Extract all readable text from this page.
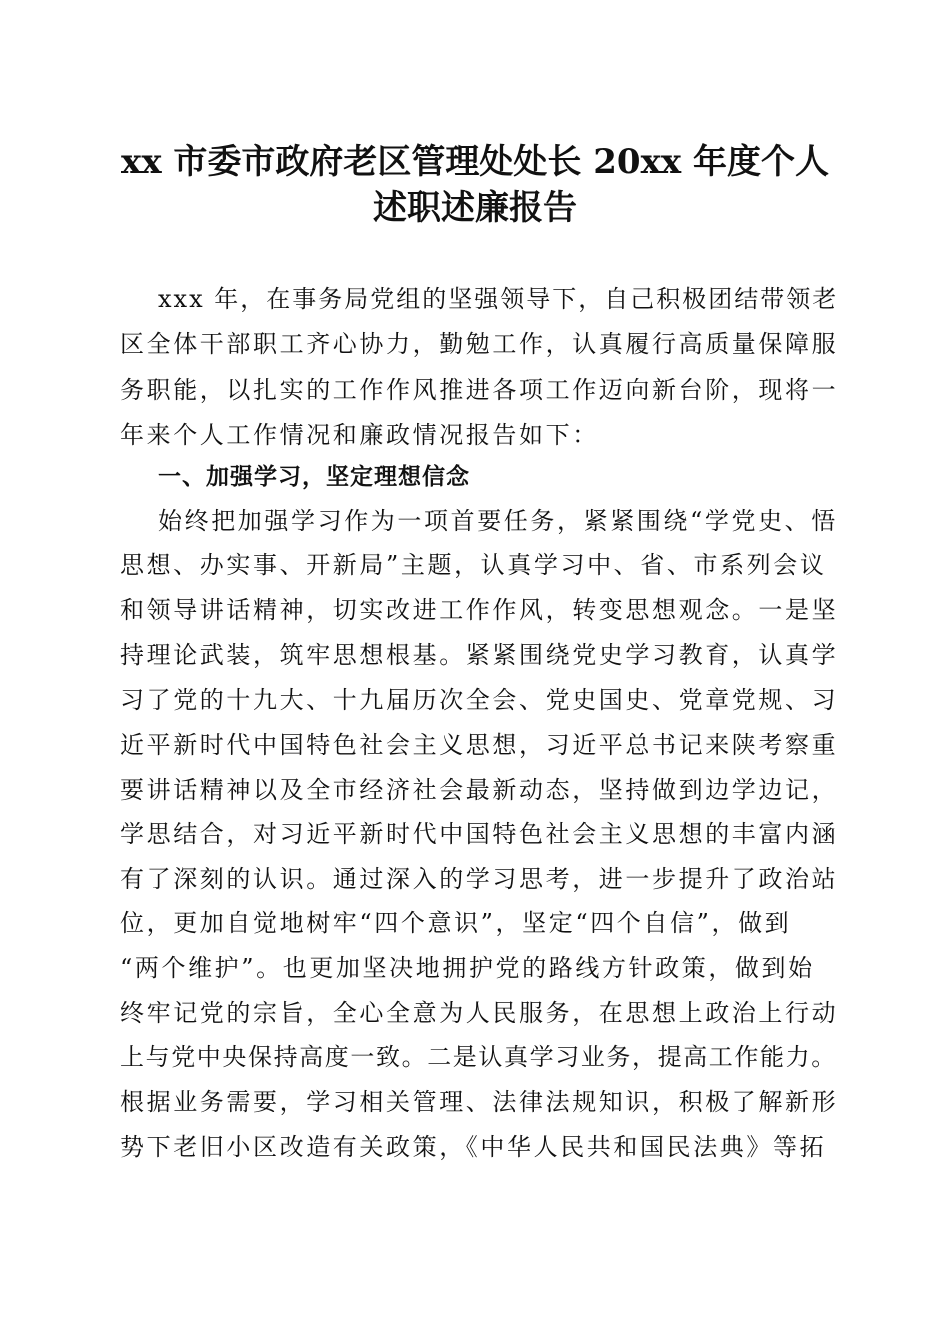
xx 市委市政府老区管理处处长 20xx 年度个人
述职述廉报告
xxx 年，在事务局党组的坚强领导下，自己积极团结带领老
区全体干部职工齐心协力，勤勉工作，认真履行高质量保障服
务职能，以扎实的工作作风推进各项工作迈向新台阶，现将一
年来个人工作情况和廉政情况报告如下：
一、加强学习，坚定理想信念
始终把加强学习作为一项首要任务，紧紧围绕“学党史、悟
思想、办实事、开新局”主题，认真学习中、省、市系列会议
和领导讲话精神，切实改进工作作风，转变思想观念。一是坚
持理论武装，筑牢思想根基。紧紧围绕党史学习教育，认真学
习了党的十九大、十九届历次全会、党史国史、党章党规、习
近平新时代中国特色社会主义思想，习近平总书记来陕考察重
要讲话精神以及全市经济社会最新动态，坚持做到边学边记，
学思结合，对习近平新时代中国特色社会主义思想的丰富内涵
有了深刻的认识。通过深入的学习思考，进一步提升了政治站
位，更加自觉地树牢“四个意识”，坚定“四个自信”，做到
“两个维护”。也更加坚决地拥护党的路线方针政策，做到始
终牢记党的宗旨，全心全意为人民服务，在思想上政治上行动
上与党中央保持高度一致。二是认真学习业务，提高工作能力。
根据业务需要，学习相关管理、法律法规知识，积极了解新形
势下老旧小区改造有关政策，《中华人民共和国民法典》等拓
